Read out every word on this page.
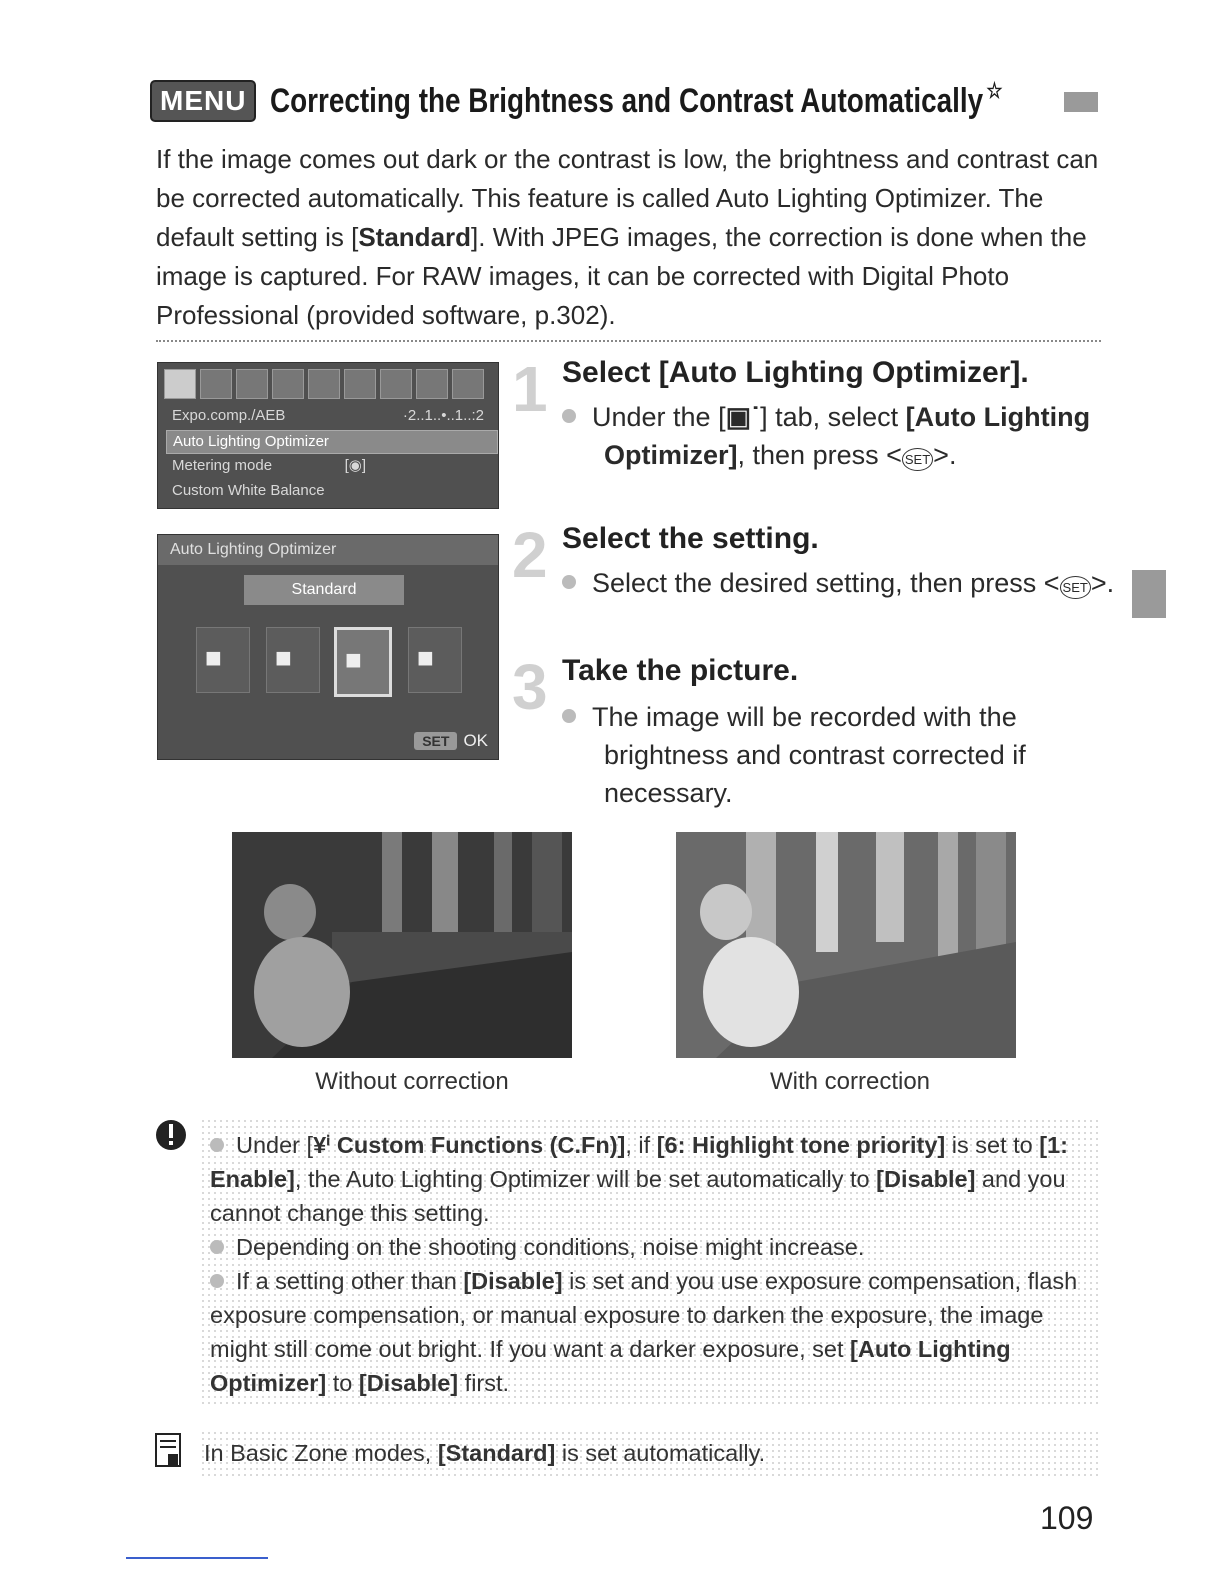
MENU Correcting the Brightness and Contrast Automatically ☆
If the image comes out dark or the contrast is low, the brightness and contrast can be corrected automatically. This feature is called Auto Lighting Optimizer. The default setting is [Standard]. With JPEG images, the correction is done when the image is captured. For RAW images, it can be corrected with Digital Photo Professional (provided software, p.302).
Expo.comp./AEB	·2..1..•..1..:2
Auto Lighting Optimizer
Metering mode	[◉]
Custom White Balance
Auto Lighting Optimizer
Standard
■	■	■	■
SET OK
1 Select [Auto Lighting Optimizer].
Under the [▣˙] tab, select [Auto Lighting Optimizer], then press < SET >.
2 Select the setting.
Select the desired setting, then press < SET >.
3 Take the picture.
The image will be recorded with the brightness and contrast corrected if necessary.
Without correction	With correction
Under [¥ⁱ Custom Functions (C.Fn)], if [6: Highlight tone priority] is set to [1: Enable], the Auto Lighting Optimizer will be set automatically to [Disable] and you cannot change this setting.
Depending on the shooting conditions, noise might increase.
If a setting other than [Disable] is set and you use exposure compensation, flash exposure compensation, or manual exposure to darken the exposure, the image might still come out bright. If you want a darker exposure, set [Auto Lighting Optimizer] to [Disable] first.
In Basic Zone modes, [Standard] is set automatically.
109
